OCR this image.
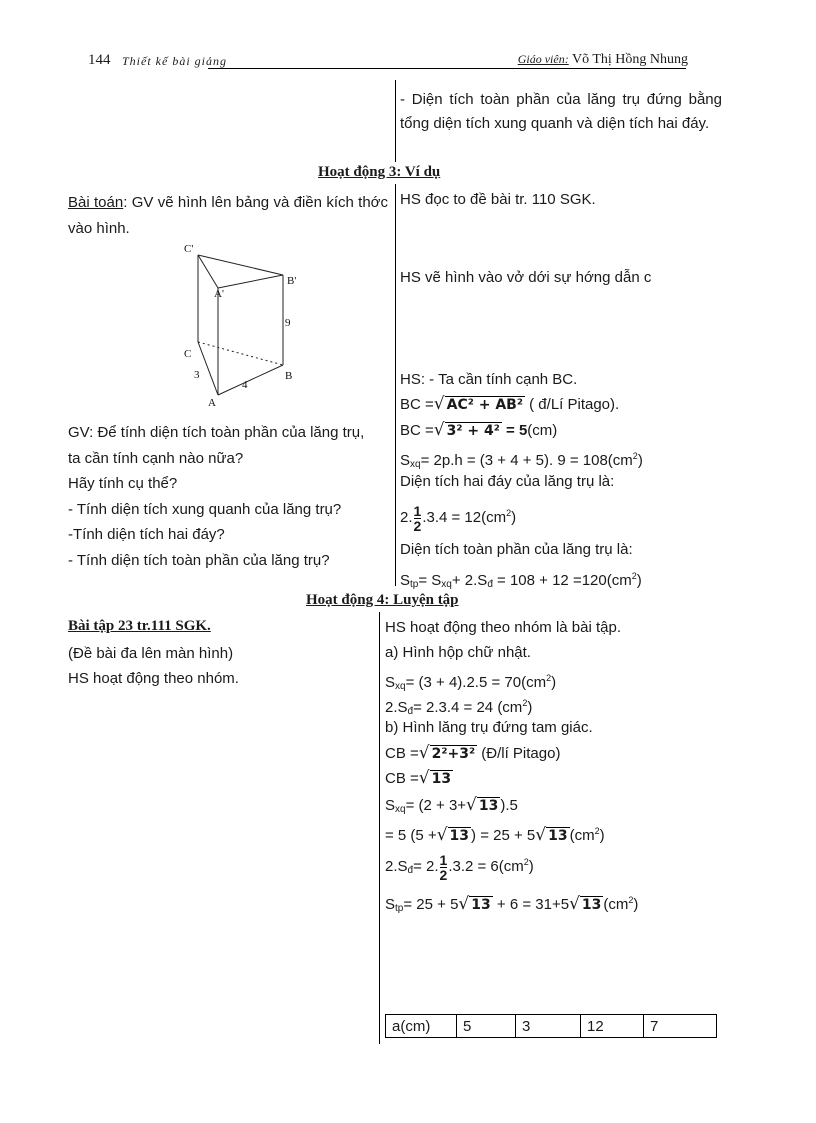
144 Thiết kế bài giảng	Giáo viên: Võ Thị Hồng Nhung
- Diện tích toàn phần của lăng trụ đứng bằng tổng diện tích xung quanh và diện tích hai đáy.
Hoạt động 3: Ví dụ
Bài toán: GV vẽ hình lên bảng và điền kích thớc vào hình.
C'
A'
B'
C
A
B
9
3
4
HS đọc to đề bài tr. 110 SGK.
HS vẽ hình vào vở dới sự hớng dẫn c
HS: - Ta cần tính cạnh BC.
BC =√ AC² + AB² ( đ/Lí Pitago).
BC =√ 3² + 4² = 5(cm)
$S_{xq}= 2p.h = (3 + 4 + 5)$. $9 = 108(cm^2)$
Diện tích hai đáy của lăng trụ là:
2. $\frac{1}{2} .3.4 = 12(cm^2)$
Diện tích toàn phần của lăng trụ là:
$S_{tp}= S_{xq}+ 2.S_đ = 108 + 12 =120(cm^2)$
GV: Để tính diện tích toàn phần của lăng trụ,
ta cần tính cạnh nào nữa?
Hãy tính cụ thể?
- Tính diện tích xung quanh của lăng trụ?
-Tính diện tích hai đáy?
- Tính diện tích toàn phần của lăng trụ?
Hoạt động 4: Luyện tập
Bài tập 23 tr.111 SGK.
(Đề bài đa lên màn hình)
HS hoạt động theo nhóm.
HS hoạt động theo nhóm là bài tập.
a) Hình hộp chữ nhật.
$S_{xq}= (3 + 4).2.5 = 70(cm^2)$
$2.S_đ= 2.3.4 = 24$ $(cm^2)$
b) Hình lăng trụ đứng tam giác.
CB =√ 2²+3² (Đ/lí Pitago)
CB =√ 13
$S_{xq}= (2 + 3+√$ 13 ).5
= 5 (5 +√ 13 ) = 25 + 5√ 13 $(cm^2)$
$2.S_đ= 2$. $\frac{1}{2} .3.2 = 6(cm^2)$
$S_{tp}= 25 + 5√$ 13 + 6 = 31+5√ 13 $(cm^2)$
a(cm)	5	3	12	7
